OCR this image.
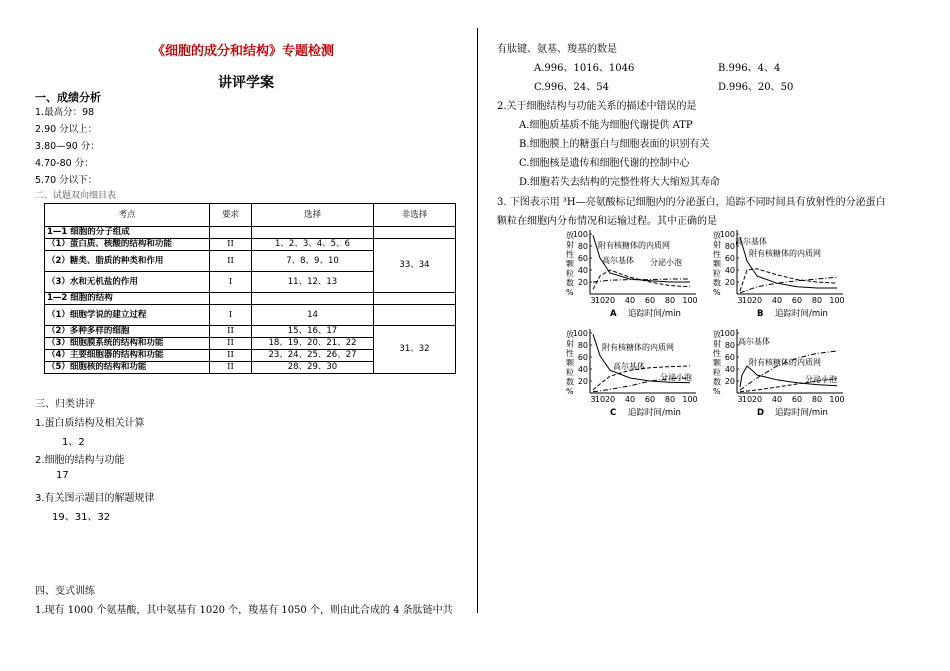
《细胞的成分和结构》专题检测
讲评学案
一、成绩分析
1.最高分：98
2.90 分以上：
3.80—90 分：
4.70-80 分：
5.70 分以下：
二、试题双向细目表
考点	要求	选择	非选择
1—1 细胞的分子组成			
（1）蛋白质、核酸的结构和功能	II	1、2、3、4、5、6	33、34
（2）糖类、脂质的种类和作用	II	7、8、9、10	
（3）水和无机盐的作用	I	11、12、13	
1—2 细胞的结构			
（1）细胞学说的建立过程	I	14	
（2）多种多样的细胞	II	15、16、17	31、32
（3）细胞膜系统的结构和功能	II	18、19、20、21、22	
（4）主要细胞器的结构和功能	II	23、24、25、26、27	
（5）细胞核的结构和功能	II	28、29、30	
三、归类讲评
1.蛋白质结构及相关计算
1、2
2.细胞的结构与功能
17
3.有关图示题目的解题规律
19、31、32
四、变式训练
1.现有 1000 个氨基酸，其中氨基有 1020 个，羧基有 1050 个，则由此合成的 4 条肽链中共
有肽键、氨基、羧基的数是
A.996、1016、1046	B.996、4、4
C.996、24、54	D.996、20、50
2.关于细胞结构与功能关系的描述中错误的是
A.细胞质基质不能为细胞代谢提供 ATP
B.细胞膜上的糖蛋白与细胞表面的识别有关
C.细胞核是遗传和细胞代谢的控制中心
D.细胞若失去结构的完整性将大大缩短其寿命
3. 下图表示用 ³H—亮氨酸标记细胞内的分泌蛋白，追踪不同时间具有放射性的分泌蛋白
颗粒在细胞内分布情况和运输过程。其中正确的是
放射性颗粒数%
20
40
60
80
100
3 10 20 40 60 80 100
附有核糖体的内质网
高尔基体 分泌小泡
A 追踪时间/min
放射性颗粒数%
20
40
60
80
100
3 10 20 40 60 80 100
高尔基体
附有核糖体的内质网
B 追踪时间/min
放射性颗粒数%
20
40
60
80
100
3 10 20 40 60 80 100
附有核糖体的内质网
高尔基体
分泌小泡
C 追踪时间/min
放射性颗粒数%
20
40
60
80
100
3 10 20 40 60 80 100
附有核糖体的内质网
高尔基体
分泌小泡
D 追踪时间/min
